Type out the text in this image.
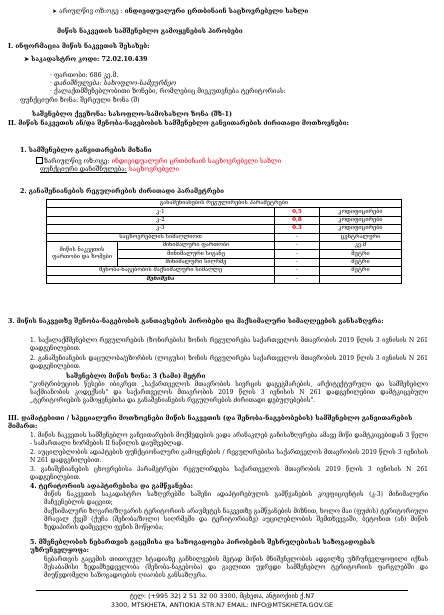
➤ არიულწივ ოზ:ოგე : ინდივიდუალური ცრთბინაინ საცხოვრებელი სახლი
მიწის ნაკვეთის სამშენებლო გამოყენების პირობები
I. ინფორმაცია მიწის ნაკვეთის შესახებ:
➤ საკადასტრო კოდი: 72.02.10.439
· ფართობი: 686 კვ.მ.
· დანიშნულება: სახოფლო-სამეურნეო
· ქალაქთმშენებლობითი ზონები, რომლებიც მიეკუთვნება ტერიტორიას:
ფუნქციური ზონა: შერეული ზონა (შ)
საშენებლო ქვეზონა: სასოფლო-სამოსახლო ზონა (შზ-1)
II. მიწის ნაკვეთის ან/და შენობა-ნაგებობის სამშენებლო განვითარების ძირითადი მოთხოვნები:
1. სამშენებლო განვითარების მიზანი
ზარიულწივ ოზ:ოგე: ინდივიდუალური ცრთბინაინ საცხოვრებელი სახლი
ფუნქციური დანიშნულება: საცხოვრებელი
2. განაშენიანების რეგულირების ძირითადი პარამეტრები
განაშენიანების რეგულირების პარამეტრები			
კ-1		0,5	კოდიფიცირები
კ-2		0,8	კოდიფიცირები
კ-3		0.3	კოდიფიცირები
საცხოვრებლის სიმაღლიოთ		-	ცენტრალური
მიწის ნაკვეთის ფართობი და ზომები	მინიმალური ფართობი	-	კვ.მ
	მინიმალური სიგანე	-	მეტრი
	მინიმალური სიღრმე	-	მეტრი
შენობა-ნაგებობის მაქსიმალური სიმაღლე		-	მეტრი
შენიშვნა		-	
3. მიწის ნაკვეთზე შენობა-ნაგებობის განთავსების პირობები და მაქსიმალური სიმაღლეების განსაზღვრა:
1. საქალაქმშენებლო რეგულირების (ზონირების) ზონის რეგულირება საქართველოს მთავრობის 2019 წლის 3 ივნისის N 261 დადგენილებით.
2. განაშენიანების დაცულობა/ეზორბის (ლოგუსი) ზონის რეგულირება საქართველოს მთავრობის 2019 წლის 3 ივნისის N 261 დადგენილებით.
საშენებლო მიწის ზონა: 3 (სამი) მეტრი
"კონტრიბუციის წესები იბიკრეთ „საქართველოს მთავრობის სივრცის დაგეგმარების, არქიტექტურული და სამშენებლო საქმიანობის კოდექსის" და საქართველოს მთავრობის 2019 წლის 3 ივნისის N 261 დადგენილებით დამტკიცებული „ტერიტორიების გამოყენებისა და განაშენიანების რეგულირების ძირითადი დებულებების".
III. დამატებითი / სპეციალური მოთხოვნები მიწის ნაკვეთის (და შენობა-ნაგებობების) სამშენებლო განვითარების მიმართ:
1. მიწის ნაკვეთის სამშენებლო განვითარების მოქმედების ვადა არანაკლებ განისაზღვრება ამავე მიწი დამტკიცებიდან 3 წელი - სამართალი ნორმების II ნაწილის დაუშვებლად.
2. აუცილებლობის ადაპტების ფუნქციონალური გამოყენების / რეგულირებისა საქართველოს მთავრობის 2019 წლის 3 ივნისის N 261 დადგენილებით.
3. განაშენიანების ცხოვრებისა პარამეტრები რეგულირდება საქართველოს მთავრობის 2019 წლის 3 ივნისის N 261 დადგენილებით.
4. ტერიტორიის ადაპტირებისა და გამწვანება:
მიწის ნაკვეთის საკადასტრო საზღვრებში საშენი ადაპტირებულის გამწვანების კოეფიციენტის (კ-3) მინიმალური მაჩვენებლის დაცვით;
მაქსიმალური ზღვარი/ზღვარის ტერიტორიის არაუმეტეს ნაკვეთზე გამწვანების მიზნით, ხოლო მაი (ფუძის) ტერიტორიული მრავალ ქვეშ (ქუჩა (შენობა/ზოლი) სიღრმეში და ტერიტორიაზე) აუცილებლობის შემთხვევაში, ბეტონით (ან) მიწის ზედაპირის დამცველი ფენის მოწყობა;
5. მშენებლობის ნებართვის გაცემისა და საზოგადოება პირობების შესრულებისას საზოგადოებას უზრუნველყოფა:
ნებართვის გაცემის თითოეულ სტადიაზე განხილვების მეტად მიწის მნიშვნელობის ადგილზე უზრუნველყოფილი იქნას შესაბამისი ზედამხედველობა (შენობა-ნაგებობა) და გავლითი უჯრედი სამშენებლო ტერიტორიის ფარგლებში და მიუწვდომელი საზოგადოების ღიაობის განსაზღვრა.
ტელ: (+995 32) 2 51 32 00 3300, მცხეთა, ანტიოქიის ქ.N7
3300, MTSKHETA, ANTIOKIA STR.N7 EMAIL: INFO@MTSKHETA.GOV.GE
